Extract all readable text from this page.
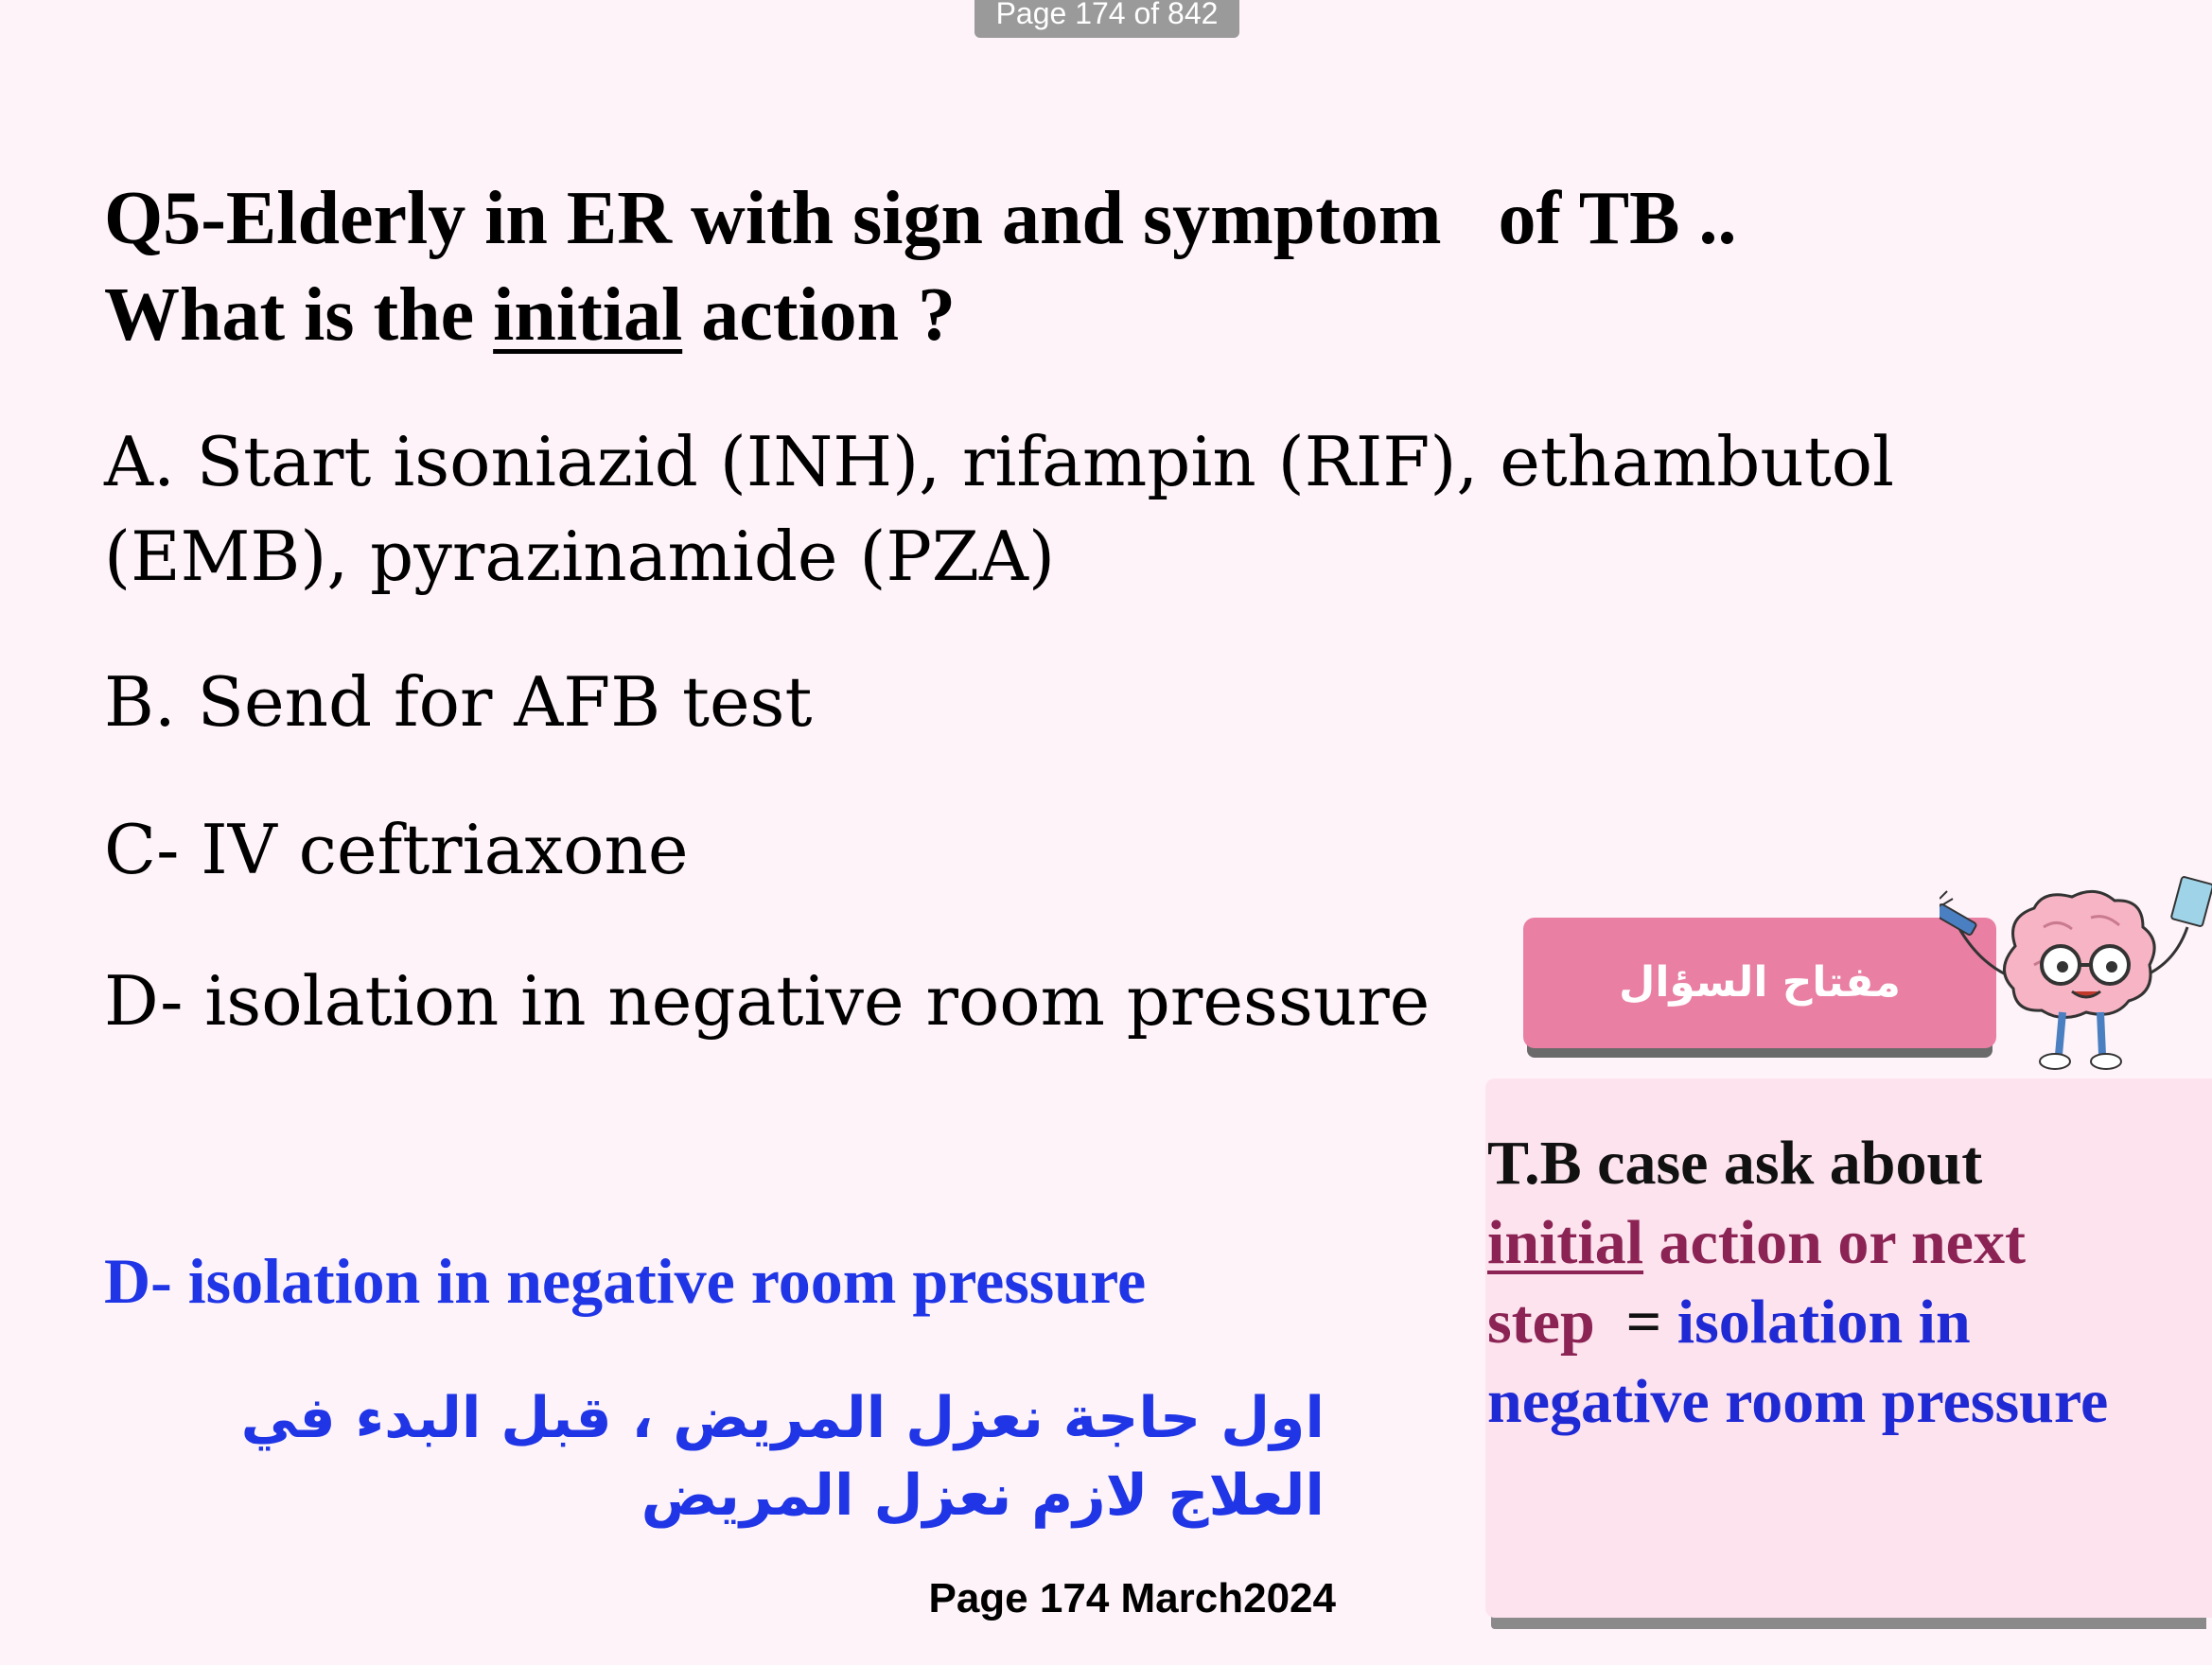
Page 174 of 842
Q5-Elderly in ER with sign and symptom   of TB ..
What is the initial action ?
A. Start isoniazid (INH), rifampin (RIF), ethambutol
(EMB), pyrazinamide (PZA)
B. Send for AFB test
C- IV ceftriaxone
D- isolation in negative room pressure
D- isolation in negative room pressure
اول حاجة نعزل المريض ، قبل البدء في العلاج لازم نعزل المريض
Page 174 March2024
مفتاح السؤال
T.B case ask about
initial action or next
step  = isolation in
negative room pressure
